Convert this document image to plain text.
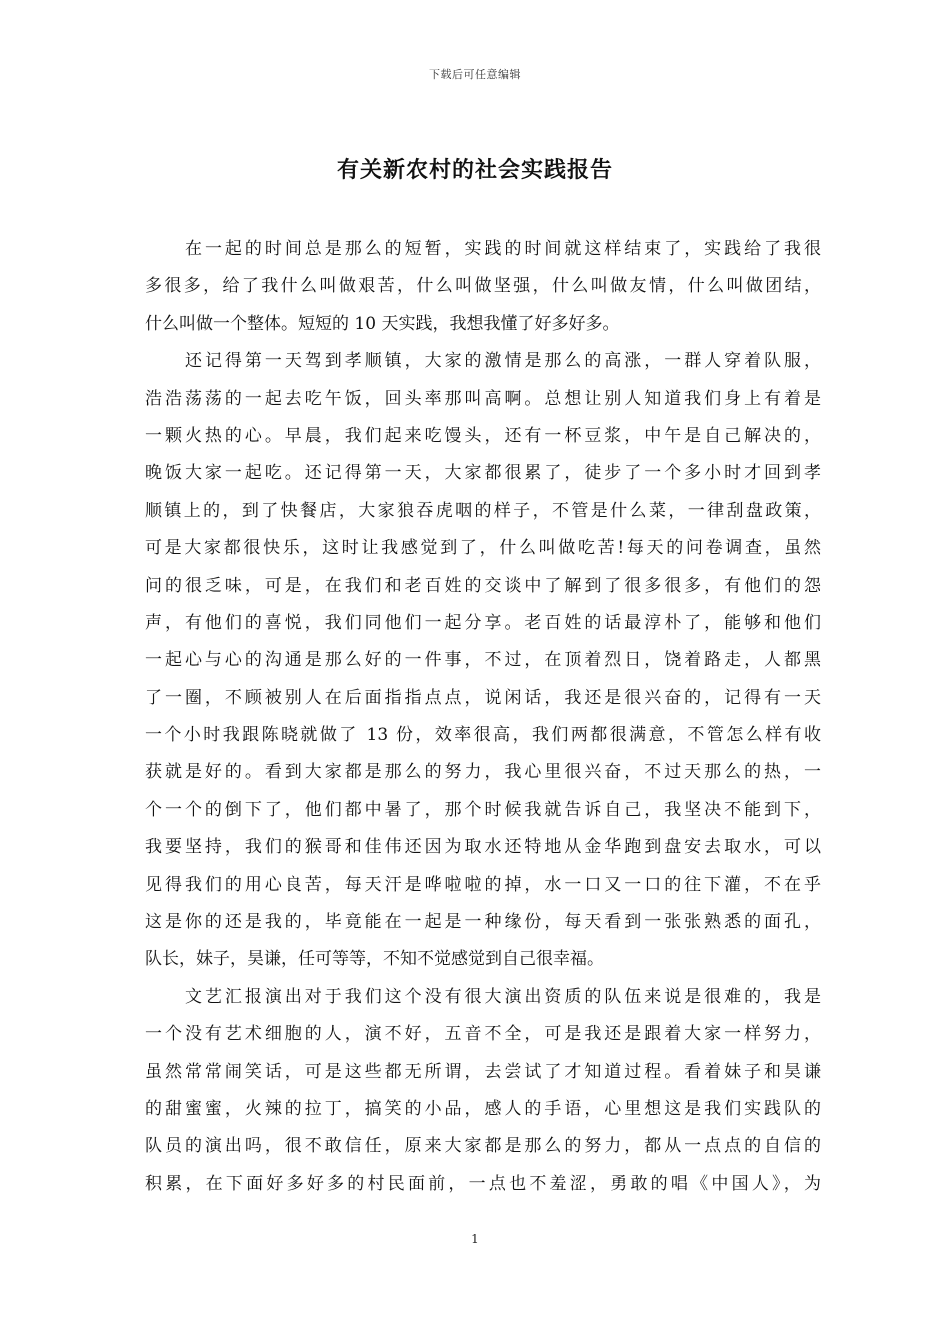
下载后可任意编辑
有关新农村的社会实践报告
在一起的时间总是那么的短暂，实践的时间就这样结束了，实践给了我很
多很多，给了我什么叫做艰苦，什么叫做坚强，什么叫做友情，什么叫做团结，
什么叫做一个整体。短短的 10 天实践，我想我懂了好多好多。
还记得第一天驾到孝顺镇，大家的激情是那么的高涨，一群人穿着队服，
浩浩荡荡的一起去吃午饭，回头率那叫高啊。总想让别人知道我们身上有着是
一颗火热的心。早晨，我们起来吃馒头，还有一杯豆浆，中午是自己解决的，
晚饭大家一起吃。还记得第一天，大家都很累了，徒步了一个多小时才回到孝
顺镇上的，到了快餐店，大家狼吞虎咽的样子，不管是什么菜，一律刮盘政策，
可是大家都很快乐，这时让我感觉到了，什么叫做吃苦!每天的问卷调查，虽然
问的很乏味，可是，在我们和老百姓的交谈中了解到了很多很多，有他们的怨
声，有他们的喜悦，我们同他们一起分享。老百姓的话最淳朴了，能够和他们
一起心与心的沟通是那么好的一件事，不过，在顶着烈日，饶着路走，人都黑
了一圈，不顾被别人在后面指指点点，说闲话，我还是很兴奋的，记得有一天
一个小时我跟陈晓就做了 13 份，效率很高，我们两都很满意，不管怎么样有收
获就是好的。看到大家都是那么的努力，我心里很兴奋，不过天那么的热，一
个一个的倒下了，他们都中暑了，那个时候我就告诉自己，我坚决不能到下，
我要坚持，我们的猴哥和佳伟还因为取水还特地从金华跑到盘安去取水，可以
见得我们的用心良苦，每天汗是哗啦啦的掉，水一口又一口的往下灌，不在乎
这是你的还是我的，毕竟能在一起是一种缘份，每天看到一张张熟悉的面孔，
队长，妹子，昊谦，任可等等，不知不觉感觉到自己很幸福。
文艺汇报演出对于我们这个没有很大演出资质的队伍来说是很难的，我是
一个没有艺术细胞的人，演不好，五音不全，可是我还是跟着大家一样努力，
虽然常常闹笑话，可是这些都无所谓，去尝试了才知道过程。看着妹子和昊谦
的甜蜜蜜，火辣的拉丁，搞笑的小品，感人的手语，心里想这是我们实践队的
队员的演出吗，很不敢信任，原来大家都是那么的努力，都从一点点的自信的
积累，在下面好多好多的村民面前，一点也不羞涩，勇敢的唱《中国人》，为
1
